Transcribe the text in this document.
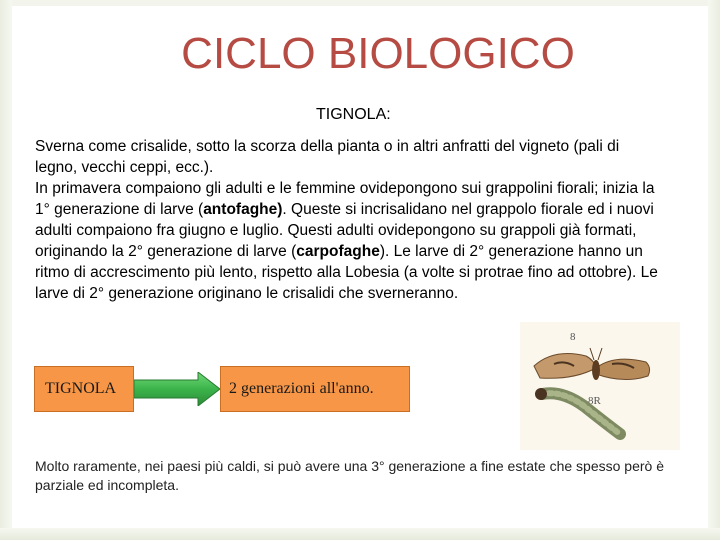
CICLO BIOLOGICO
TIGNOLA:

Sverna come crisalide, sotto la scorza della pianta o in altri anfratti del vigneto (pali di legno, vecchi ceppi, ecc.).

In primavera compaiono gli adulti e le femmine ovidepongono sui grappolini fiorali; inizia la 1° generazione di larve (antofaghe). Queste si incrisalidano nel grappolo fiorale ed i nuovi adulti compaiono fra giugno e luglio. Questi adulti ovidepongono su grappoli già formati, originando la 2° generazione di larve (carpofaghe). Le larve di 2° generazione hanno un ritmo di accrescimento più lento, rispetto alla Lobesia (a volte si protrae fino ad ottobre). Le larve di 2° generazione originano le crisalidi che sverneranno.

TIGNOLA	2 generazioni all'anno.
8
8R
Molto raramente, nei paesi più caldi, si può avere una 3° generazione a fine estate che spesso però è parziale ed incompleta.
